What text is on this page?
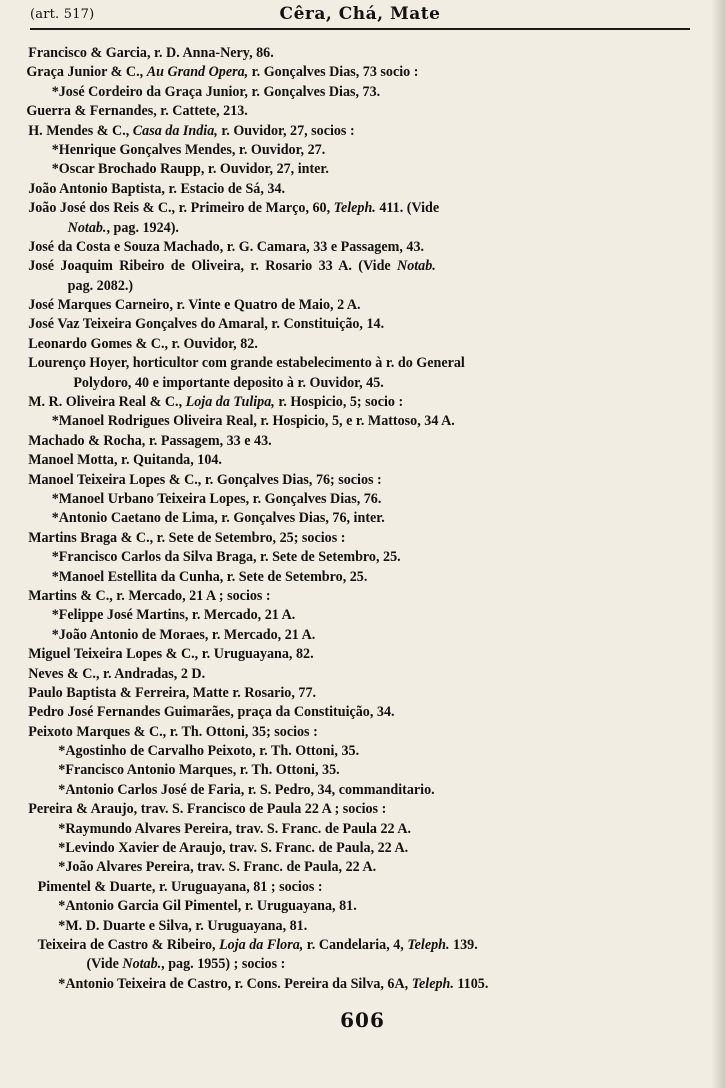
(art. 517)	Cêra, Chá, Mate
Francisco & Garcia, r. D. Anna-Nery, 86.
Graça Junior & C., Au Grand Opera, r. Gonçalves Dias, 73 socio :
*José Cordeiro da Graça Junior, r. Gonçalves Dias, 73.
Guerra & Fernandes, r. Cattete, 213.
H. Mendes & C., Casa da India, r. Ouvidor, 27, socios :
*Henrique Gonçalves Mendes, r. Ouvidor, 27.
*Oscar Brochado Raupp, r. Ouvidor, 27, inter.
João Antonio Baptista, r. Estacio de Sá, 34.
João José dos Reis & C., r. Primeiro de Março, 60, Teleph. 411. (Vide
Notab., pag. 1924).
José da Costa e Souza Machado, r. G. Camara, 33 e Passagem, 43.
José Joaquim Ribeiro de Oliveira, r. Rosario 33 A. (Vide Notab.
pag. 2082.)
José Marques Carneiro, r. Vinte e Quatro de Maio, 2 A.
José Vaz Teixeira Gonçalves do Amaral, r. Constituição, 14.
Leonardo Gomes & C., r. Ouvidor, 82.
Lourenço Hoyer, horticultor com grande estabelecimento à r. do General
Polydoro, 40 e importante deposito à r. Ouvidor, 45.
M. R. Oliveira Real & C., Loja da Tulipa, r. Hospicio, 5; socio :
*Manoel Rodrigues Oliveira Real, r. Hospicio, 5, e r. Mattoso, 34 A.
Machado & Rocha, r. Passagem, 33 e 43.
Manoel Motta, r. Quitanda, 104.
Manoel Teixeira Lopes & C., r. Gonçalves Dias, 76; socios :
*Manoel Urbano Teixeira Lopes, r. Gonçalves Dias, 76.
*Antonio Caetano de Lima, r. Gonçalves Dias, 76, inter.
Martins Braga & C., r. Sete de Setembro, 25; socios :
*Francisco Carlos da Silva Braga, r. Sete de Setembro, 25.
*Manoel Estellita da Cunha, r. Sete de Setembro, 25.
Martins & C., r. Mercado, 21 A ; socios :
*Felippe José Martins, r. Mercado, 21 A.
*João Antonio de Moraes, r. Mercado, 21 A.
Miguel Teixeira Lopes & C., r. Uruguayana, 82.
Neves & C., r. Andradas, 2 D.
Paulo Baptista & Ferreira, Matte r. Rosario, 77.
Pedro José Fernandes Guimarães, praça da Constituição, 34.
Peixoto Marques & C., r. Th. Ottoni, 35; socios :
*Agostinho de Carvalho Peixoto, r. Th. Ottoni, 35.
*Francisco Antonio Marques, r. Th. Ottoni, 35.
*Antonio Carlos José de Faria, r. S. Pedro, 34, commanditario.
Pereira & Araujo, trav. S. Francisco de Paula 22 A ; socios :
*Raymundo Alvares Pereira, trav. S. Franc. de Paula 22 A.
*Levindo Xavier de Araujo, trav. S. Franc. de Paula, 22 A.
*João Alvares Pereira, trav. S. Franc. de Paula, 22 A.
Pimentel & Duarte, r. Uruguayana, 81 ; socios :
*Antonio Garcia Gil Pimentel, r. Uruguayana, 81.
*M. D. Duarte e Silva, r. Uruguayana, 81.
Teixeira de Castro & Ribeiro, Loja da Flora, r. Candelaria, 4, Teleph. 139.
(Vide Notab., pag. 1955) ; socios :
*Antonio Teixeira de Castro, r. Cons. Pereira da Silva, 6A, Teleph. 1105.
606
